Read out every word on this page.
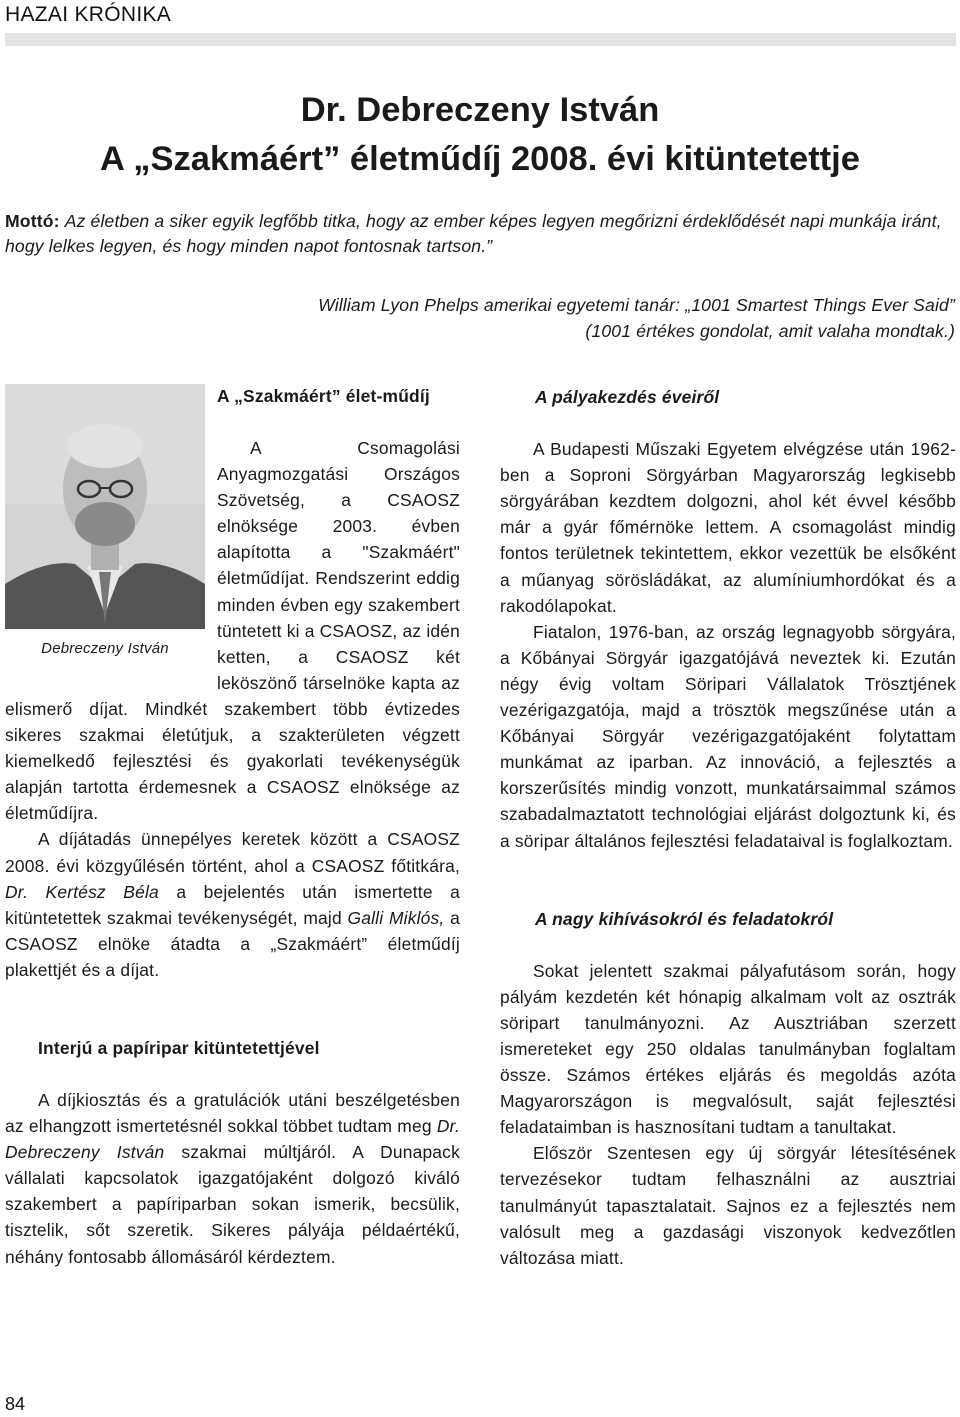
HAZAI KRÓNIKA
Dr. Debreczeny István
A „Szakmáért” életműdíj 2008. évi kitüntetettje
Mottó: Az életben a siker egyik legfőbb titka, hogy az ember képes legyen megőrizni érdeklődését napi munkája iránt, hogy lelkes legyen, és hogy minden napot fontosnak tartson.”
William Lyon Phelps amerikai egyetemi tanár: „1001 Smartest Things Ever Said”
(1001 értékes gondolat, amit valaha mondtak.)
Debreczeny István

A „Szakmáért” élet-műdíj

A Csomagolási Anyagmozgatási Országos Szövetség, a CSAOSZ elnöksége 2003. évben alapította a "Szakmáért" életműdíjat. Rendszerint eddig minden évben egy szakembert tüntetett ki a CSAOSZ, az idén ketten, a CSAOSZ két leköszönő társelnöke kapta az elismerő díjat. Mindkét szakembert több évtizedes sikeres szakmai életútjuk, a szakterületen végzett kiemelkedő fejlesztési és gyakorlati tevékenységük alapján tartotta érdemesnek a CSAOSZ elnöksége az életműdíjra.

A díjátadás ünnepélyes keretek között a CSAOSZ 2008. évi közgyűlésén történt, ahol a CSAOSZ főtitkára, Dr. Kertész Béla a bejelentés után ismertette a kitüntetettek szakmai tevékenységét, majd Galli Miklós, a CSAOSZ elnöke átadta a „Szakmáért” életműdíj plakettjét és a díjat.

Interjú a papíripar kitüntetettjével

A díjkiosztás és a gratulációk utáni beszélgetésben az elhangzott ismertetésnél sokkal többet tudtam meg Dr. Debreczeny István szakmai múltjáról. A Dunapack vállalati kapcsolatok igazgatójaként dolgozó kiváló szakembert a papíriparban sokan ismerik, becsülik, tisztelik, sőt szeretik. Sikeres pályája példaértékű, néhány fontosabb állomásáról kérdeztem.

A pályakezdés éveiről

A Budapesti Műszaki Egyetem elvégzése után 1962-ben a Soproni Sörgyárban Magyarország legkisebb sörgyárában kezdtem dolgozni, ahol két évvel később már a gyár főmérnöke lettem. A csomagolást mindig fontos területnek tekintettem, ekkor vezettük be elsőként a műanyag sörösládákat, az alumíniumhordókat és a rakodólapokat.

Fiatalon, 1976-ban, az ország legnagyobb sörgyára, a Kőbányai Sörgyár igazgatójává neveztek ki. Ezután négy évig voltam Söripari Vállalatok Trösztjének vezérigazgatója, majd a trösztök megszűnése után a Kőbányai Sörgyár vezérigazgatójaként folytattam munkámat az iparban. Az innováció, a fejlesztés a korszerűsítés mindig vonzott, munkatársaimmal számos szabadalmaztatott technológiai eljárást dolgoztunk ki, és a söripar általános fejlesztési feladataival is foglalkoztam.

A nagy kihívásokról és feladatokról

Sokat jelentett szakmai pályafutásom során, hogy pályám kezdetén két hónapig alkalmam volt az osztrák söripart tanulmányozni. Az Ausztriában szerzett ismereteket egy 250 oldalas tanulmányban foglaltam össze. Számos értékes eljárás és megoldás azóta Magyarországon is megvalósult, saját fejlesztési feladataimban is hasznosítani tudtam a tanultakat.

Először Szentesen egy új sörgyár létesítésének tervezésekor tudtam felhasználni az ausztriai tanulmányút tapasztalatait. Sajnos ez a fejlesztés nem valósult meg a gazdasági viszonyok kedvezőtlen változása miatt.

84
